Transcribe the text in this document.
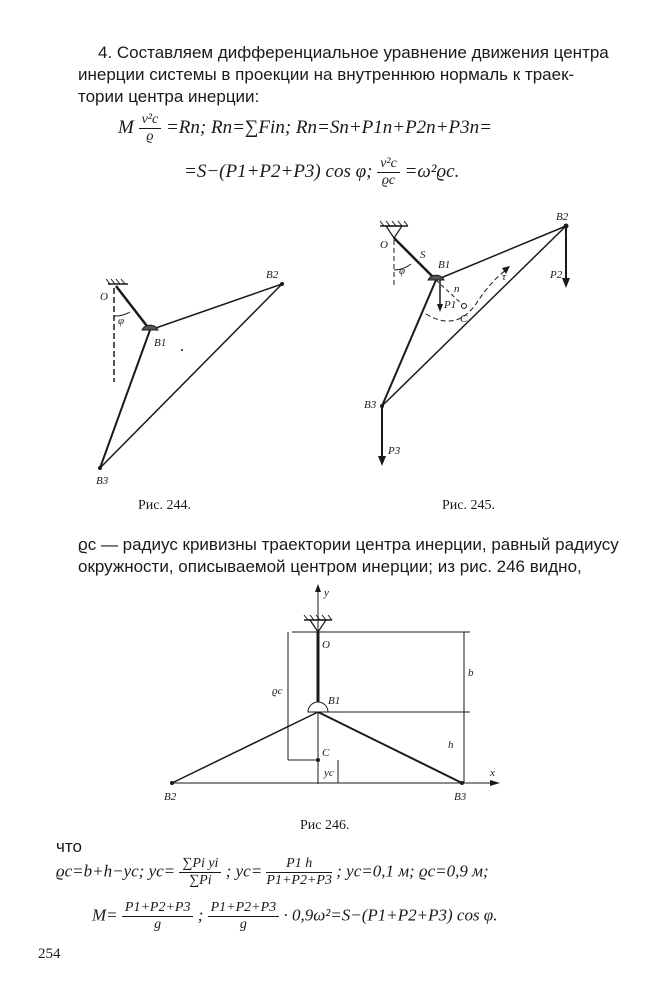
4. Составляем дифференциальное уравнение движения центра
инерции системы в проекции на внутреннюю нормаль к траек-
тории центра инерции:
M $\frac{\text{v²c}}{ϱ} =Rn$; Rn=∑Fin; Rn=Sn+P1n+P2n+P3n=
=S−(P1+P2+P3) cos φ; $\frac{\text{v²c}}{ϱc} =\omega^2ϱc$.
O
φ
B1
B2
B3
Рис. 244.
O
φ
S
B1
B2
B3
P1
P2
P3
C
n
τ
Рис. 245.
ϱc — радиус кривизны траектории центра инерции, равный радиусу
окружности, описываемой центром инерции; из рис. 246 видно,
y
x
O
B1
B2	B3
C
b
h
yc
ϱc
Рис 246.
что
ϱc=b+h−yc; $yc= \frac{\text{∑Pi yi}}{\sum Pi}$ ; $yc= \frac{P1 h}{P1+P2+P3}$ ; yc=0,1 м; ϱc=0,9 м;
$M= \frac{P1+P2+P3}{g}$ ; $\frac{P1+P2+P3}{g} \cdot 0,9\omega^2=S-(P1+P2+P3)$ cos φ.
254
